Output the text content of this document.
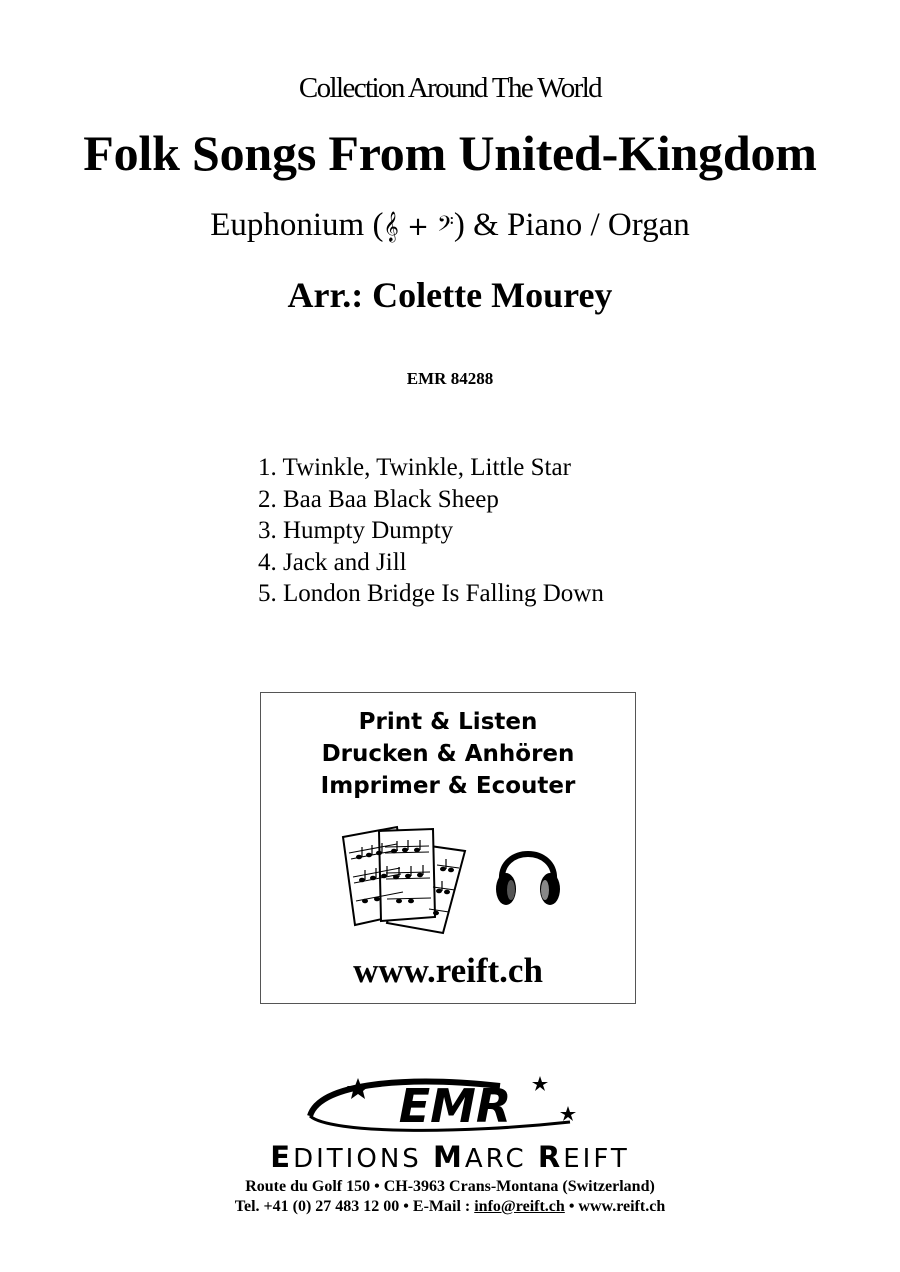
Collection Around The World
Folk Songs From United-Kingdom
Euphonium (𝄞 + 𝄢) & Piano / Organ
Arr.: Colette Mourey
EMR 84288
1. Twinkle, Twinkle, Little Star
2. Baa Baa Black Sheep
3. Humpty Dumpty
4. Jack and Jill
5. London Bridge Is Falling Down
Print & Listen
Drucken & Anhören
Imprimer & Ecouter
www.reift.ch
EMR
EDITIONS MARC REIFT
Route du Golf 150 • CH-3963 Crans-Montana (Switzerland)
Tel. +41 (0) 27 483 12 00 • E-Mail : info@reift.ch • www.reift.ch
